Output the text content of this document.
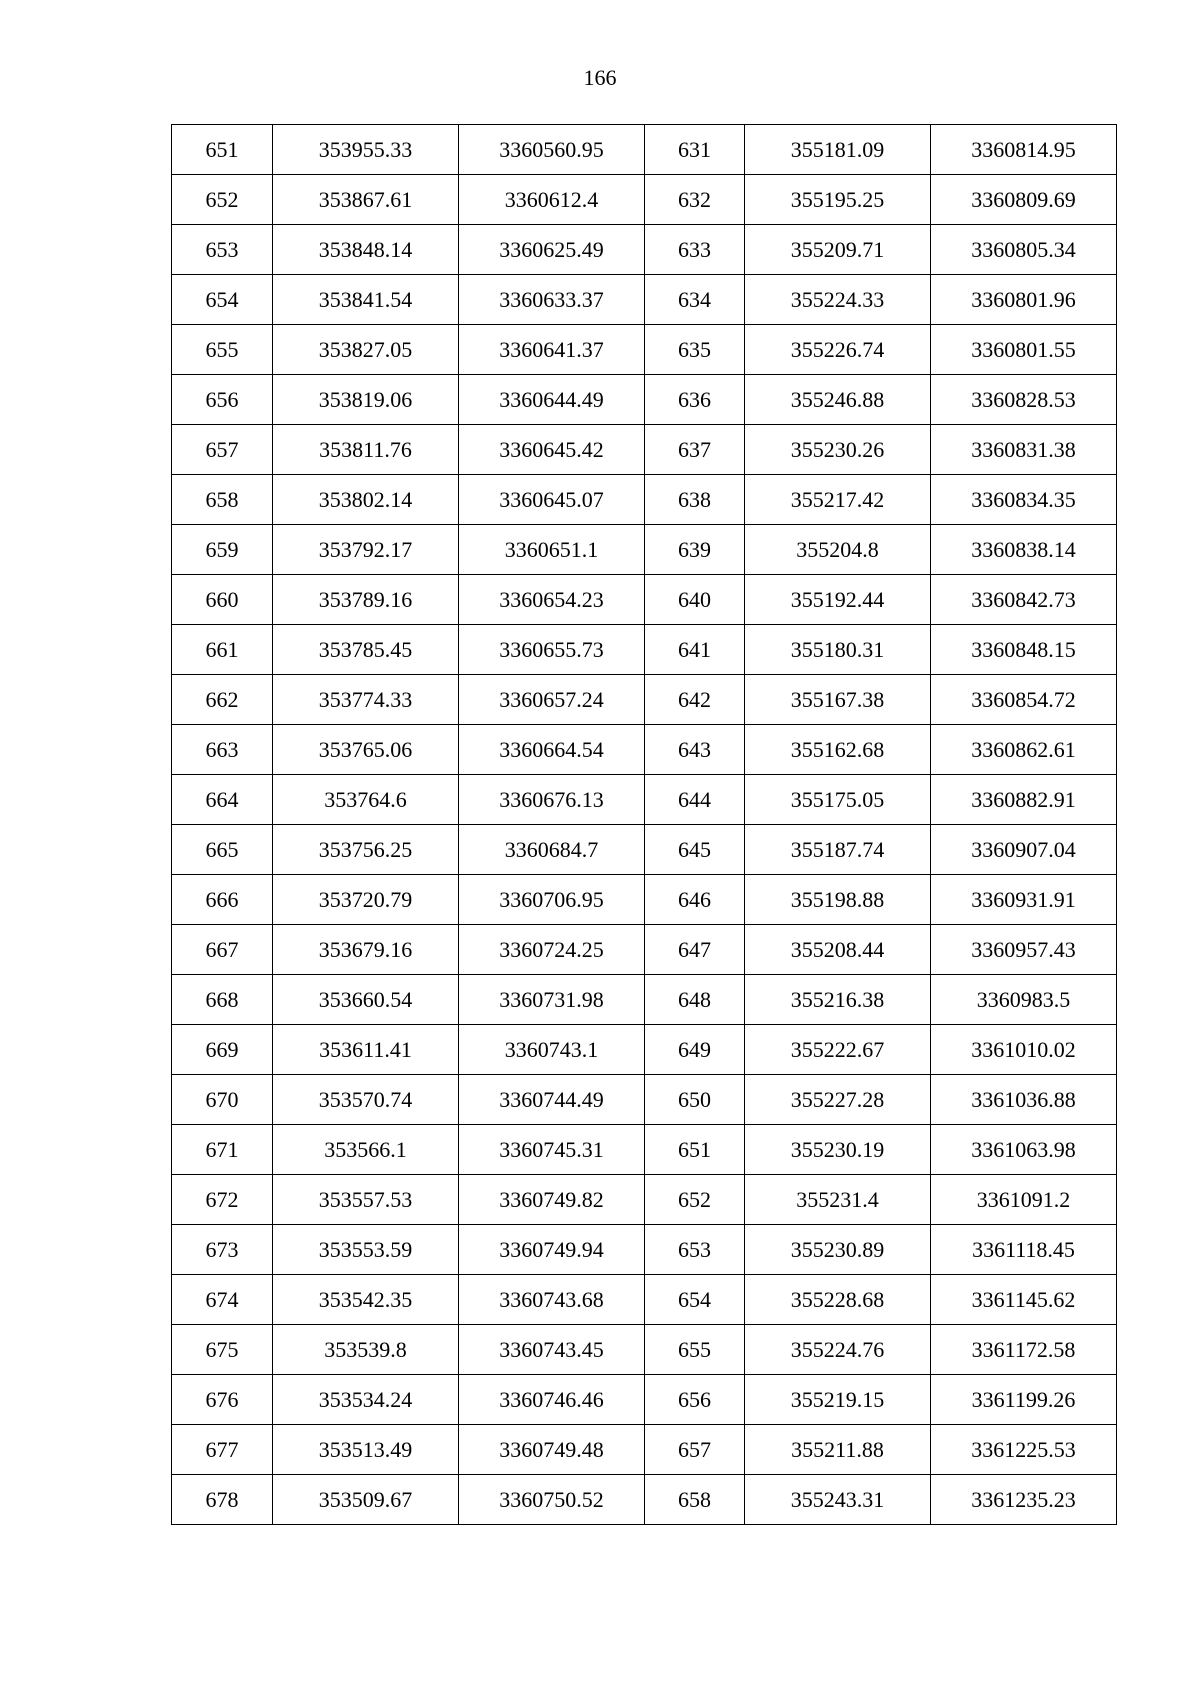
166
651	353955.33	3360560.95	631	355181.09	3360814.95
652	353867.61	3360612.4	632	355195.25	3360809.69
653	353848.14	3360625.49	633	355209.71	3360805.34
654	353841.54	3360633.37	634	355224.33	3360801.96
655	353827.05	3360641.37	635	355226.74	3360801.55
656	353819.06	3360644.49	636	355246.88	3360828.53
657	353811.76	3360645.42	637	355230.26	3360831.38
658	353802.14	3360645.07	638	355217.42	3360834.35
659	353792.17	3360651.1	639	355204.8	3360838.14
660	353789.16	3360654.23	640	355192.44	3360842.73
661	353785.45	3360655.73	641	355180.31	3360848.15
662	353774.33	3360657.24	642	355167.38	3360854.72
663	353765.06	3360664.54	643	355162.68	3360862.61
664	353764.6	3360676.13	644	355175.05	3360882.91
665	353756.25	3360684.7	645	355187.74	3360907.04
666	353720.79	3360706.95	646	355198.88	3360931.91
667	353679.16	3360724.25	647	355208.44	3360957.43
668	353660.54	3360731.98	648	355216.38	3360983.5
669	353611.41	3360743.1	649	355222.67	3361010.02
670	353570.74	3360744.49	650	355227.28	3361036.88
671	353566.1	3360745.31	651	355230.19	3361063.98
672	353557.53	3360749.82	652	355231.4	3361091.2
673	353553.59	3360749.94	653	355230.89	3361118.45
674	353542.35	3360743.68	654	355228.68	3361145.62
675	353539.8	3360743.45	655	355224.76	3361172.58
676	353534.24	3360746.46	656	355219.15	3361199.26
677	353513.49	3360749.48	657	355211.88	3361225.53
678	353509.67	3360750.52	658	355243.31	3361235.23
